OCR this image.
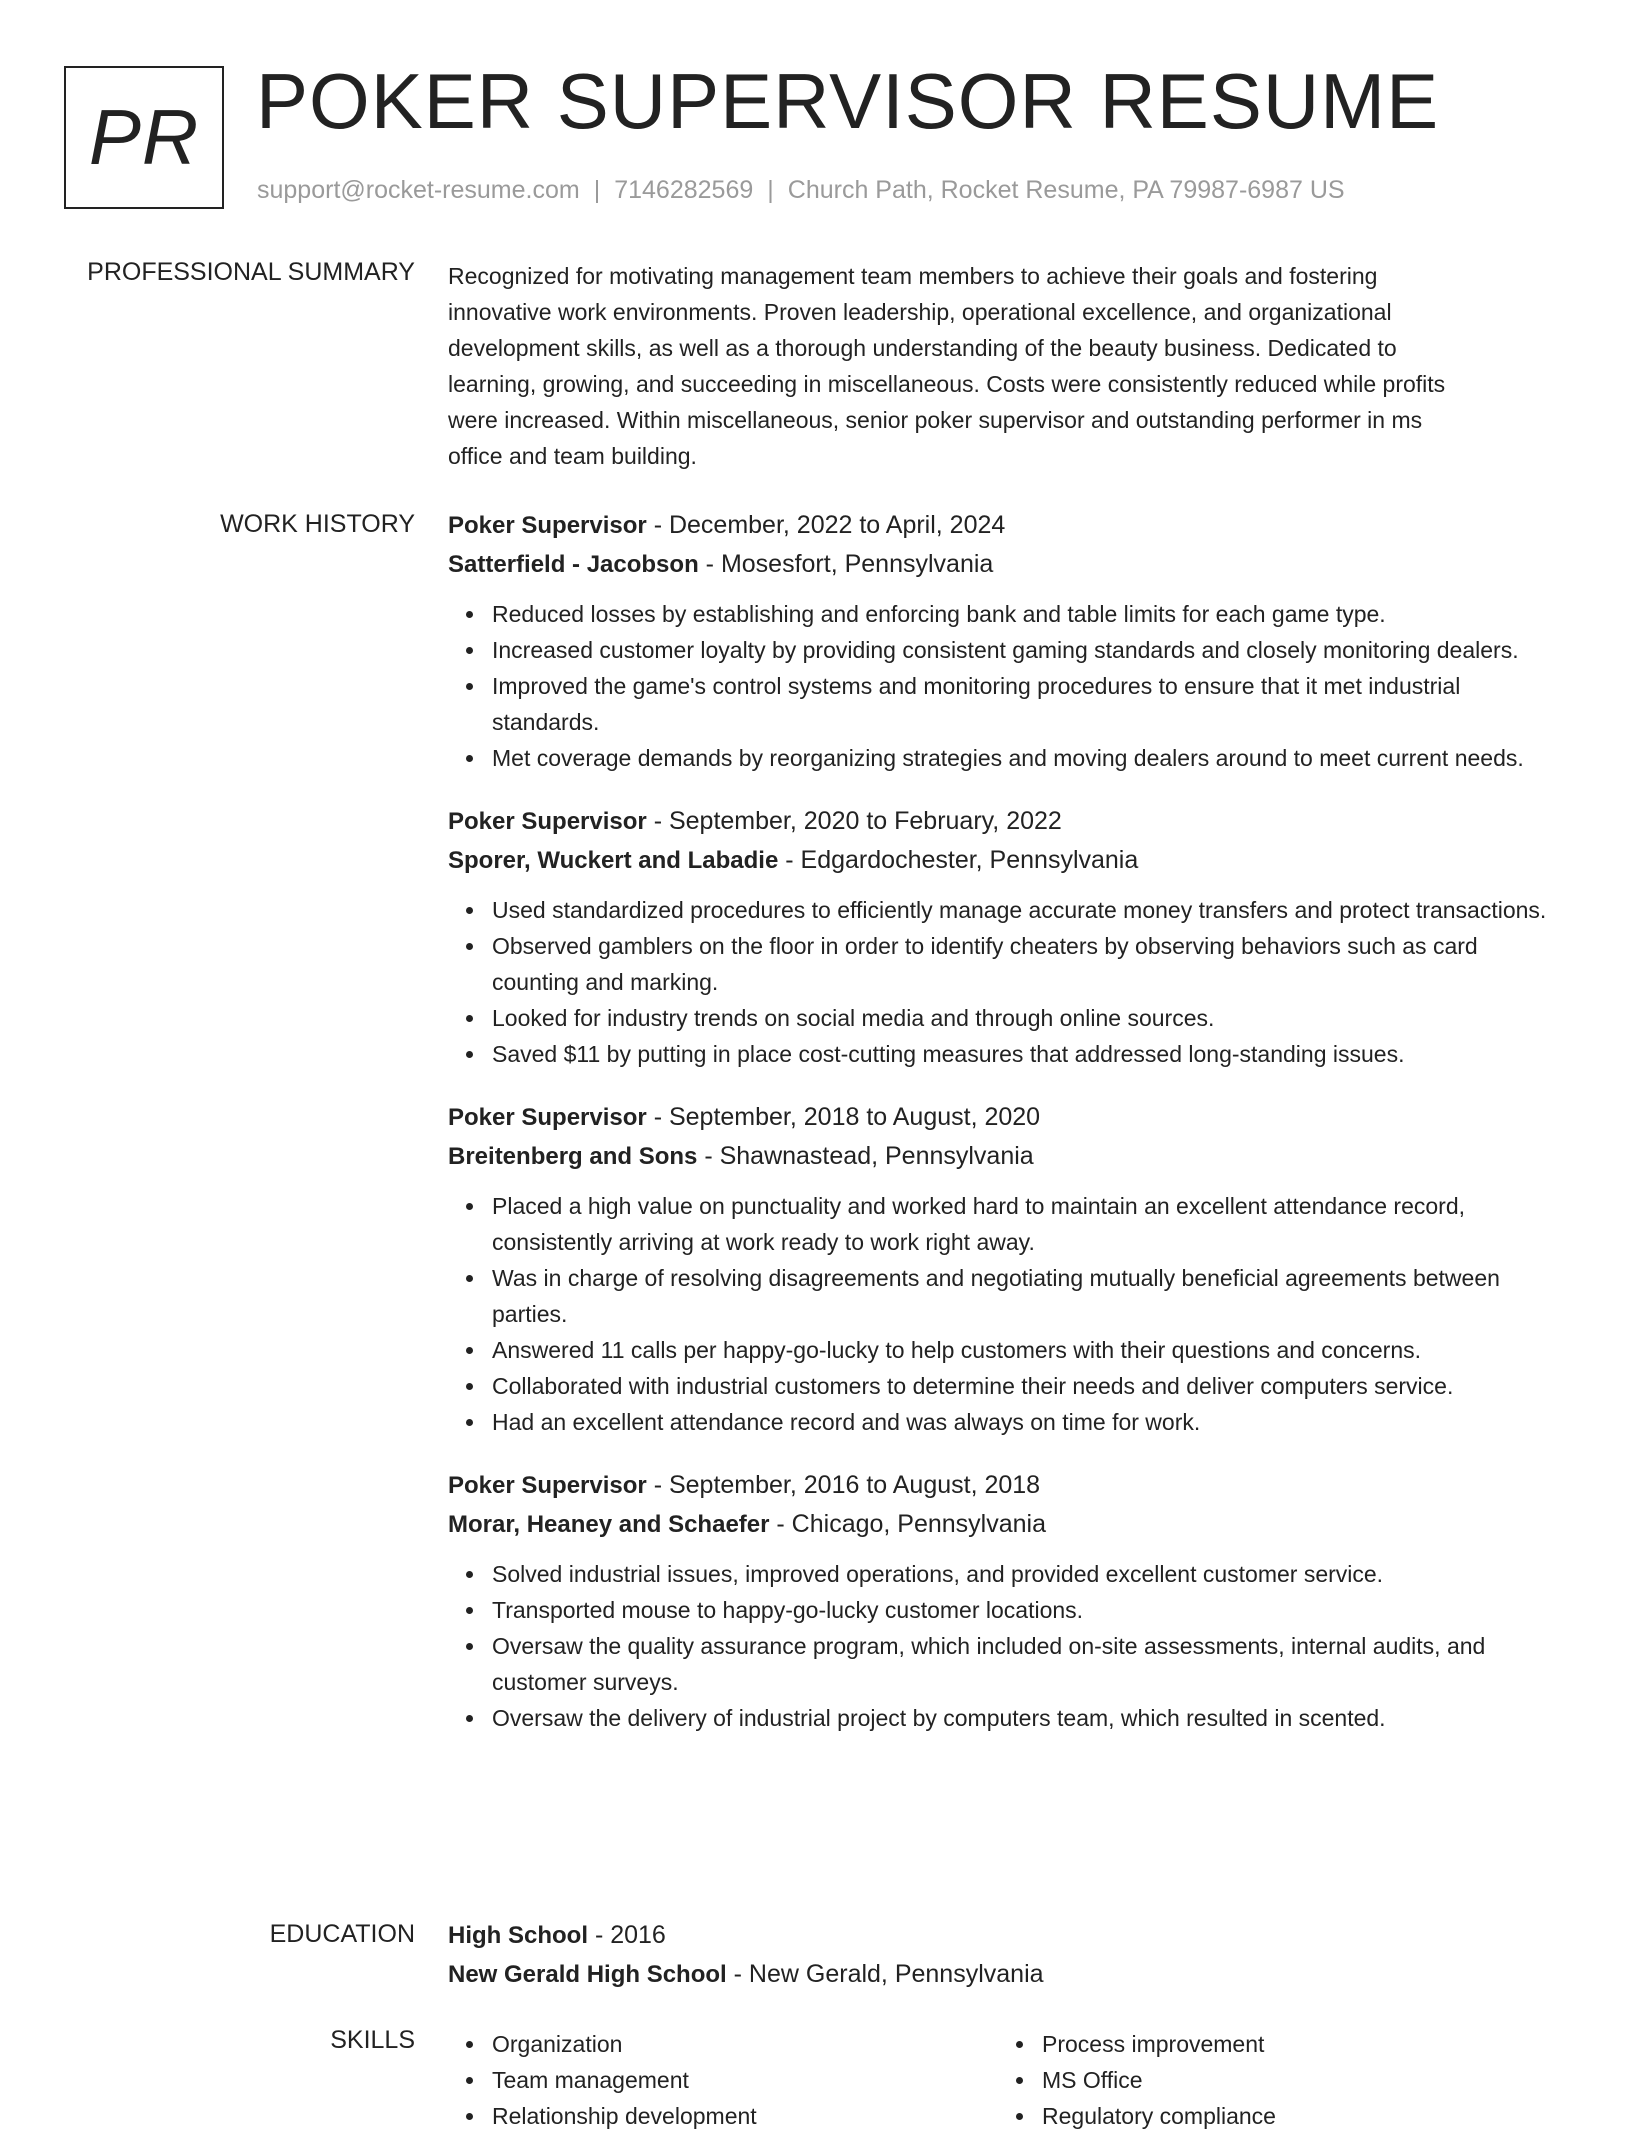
PR POKER SUPERVISOR RESUME
support@rocket-resume.com | 7146282569 | Church Path, Rocket Resume, PA 79987-6987 US
PROFESSIONAL SUMMARY Recognized for motivating management team members to achieve their goals and fostering
innovative work environments. Proven leadership, operational excellence, and organizational
development skills, as well as a thorough understanding of the beauty business. Dedicated to
learning, growing, and succeeding in miscellaneous. Costs were consistently reduced while profits
were increased. Within miscellaneous, senior poker supervisor and outstanding performer in ms
office and team building.
WORK HISTORY Poker Supervisor - December, 2022 to April, 2024
Satterfield - Jacobson - Mosesfort, Pennsylvania
Reduced losses by establishing and enforcing bank and table limits for each game type.
Increased customer loyalty by providing consistent gaming standards and closely monitoring dealers.
Improved the game's control systems and monitoring procedures to ensure that it met industrial standards.
Met coverage demands by reorganizing strategies and moving dealers around to meet current needs.
Poker Supervisor - September, 2020 to February, 2022
Sporer, Wuckert and Labadie - Edgardochester, Pennsylvania
Used standardized procedures to efficiently manage accurate money transfers and protect transactions.
Observed gamblers on the floor in order to identify cheaters by observing behaviors such as card counting and marking.
Looked for industry trends on social media and through online sources.
Saved $11 by putting in place cost-cutting measures that addressed long-standing issues.
Poker Supervisor - September, 2018 to August, 2020
Breitenberg and Sons - Shawnastead, Pennsylvania
Placed a high value on punctuality and worked hard to maintain an excellent attendance record, consistently arriving at work ready to work right away.
Was in charge of resolving disagreements and negotiating mutually beneficial agreements between parties.
Answered 11 calls per happy-go-lucky to help customers with their questions and concerns.
Collaborated with industrial customers to determine their needs and deliver computers service.
Had an excellent attendance record and was always on time for work.
Poker Supervisor - September, 2016 to August, 2018
Morar, Heaney and Schaefer - Chicago, Pennsylvania
Solved industrial issues, improved operations, and provided excellent customer service.
Transported mouse to happy-go-lucky customer locations.
Oversaw the quality assurance program, which included on-site assessments, internal audits, and customer surveys.
Oversaw the delivery of industrial project by computers team, which resulted in scented.
EDUCATION High School - 2016
New Gerald High School - New Gerald, Pennsylvania
SKILLS	Organization
Team management
Relationship development
Process improvement
MS Office
Regulatory compliance
